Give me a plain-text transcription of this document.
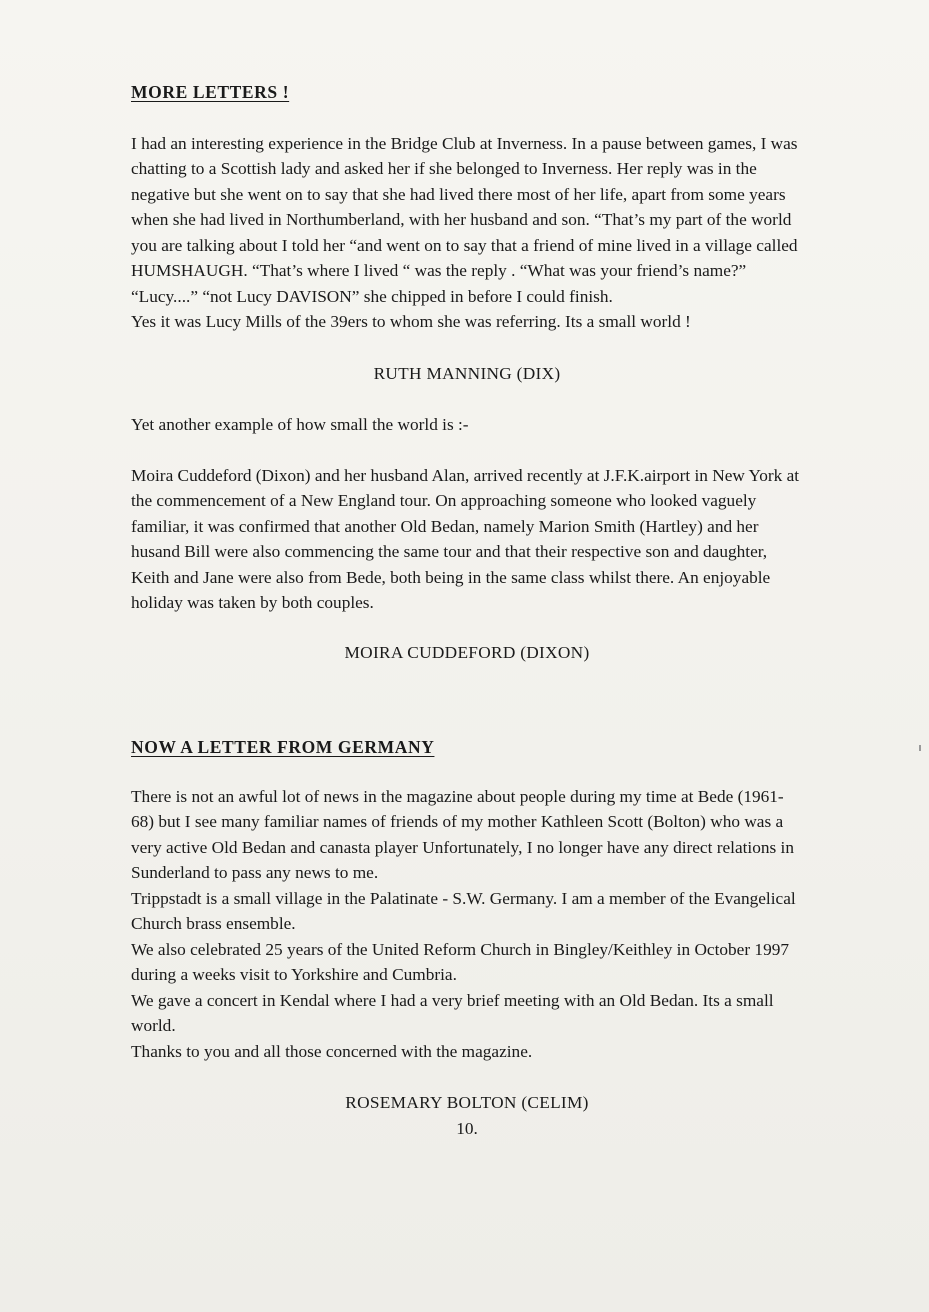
MORE LETTERS !

I had an interesting experience in the Bridge Club at Inverness. In a pause between games, I was chatting to a Scottish lady and asked her if she belonged to Inverness. Her reply was in the negative but she went on to say that she had lived there most of her life, apart from some years when she had lived in Northumberland, with her husband and son. “That’s my part of the world you are talking about I told her “and went on to say that a friend of mine lived in a village called HUMSHAUGH. “That’s where I lived “ was the reply . “What was your friend’s name?” “Lucy....” “not Lucy DAVISON” she chipped in before I could finish.

Yes it was Lucy Mills of the 39ers to whom she was referring. Its a small world !

RUTH MANNING (DIX)

Yet another example of how small the world is :-

Moira Cuddeford (Dixon) and her husband Alan, arrived recently at J.F.K.airport in New York at the commencement of a New England tour. On approaching someone who looked vaguely familiar, it was confirmed that another Old Bedan, namely Marion Smith (Hartley) and her husand Bill were also commencing the same tour and that their respective son and daughter, Keith and Jane were also from Bede, both being in the same class whilst there. An enjoyable holiday was taken by both couples.

MOIRA CUDDEFORD (DIXON)

NOW A LETTER FROM GERMANY

There is not an awful lot of news in the magazine about people during my time at Bede (1961-68) but I see many familiar names of friends of my mother Kathleen Scott (Bolton) who was a very active Old Bedan and canasta player Unfortunately, I no longer have any direct relations in Sunderland to pass any news to me.

Trippstadt is a small village in the Palatinate - S.W. Germany. I am a member of the Evangelical Church brass ensemble.

We also celebrated 25 years of the United Reform Church in Bingley/Keithley in October 1997 during a weeks visit to Yorkshire and Cumbria.

We gave a concert in Kendal where I had a very brief meeting with an Old Bedan. Its a small world.

Thanks to you and all those concerned with the magazine.

ROSEMARY BOLTON (CELIM)

10.
